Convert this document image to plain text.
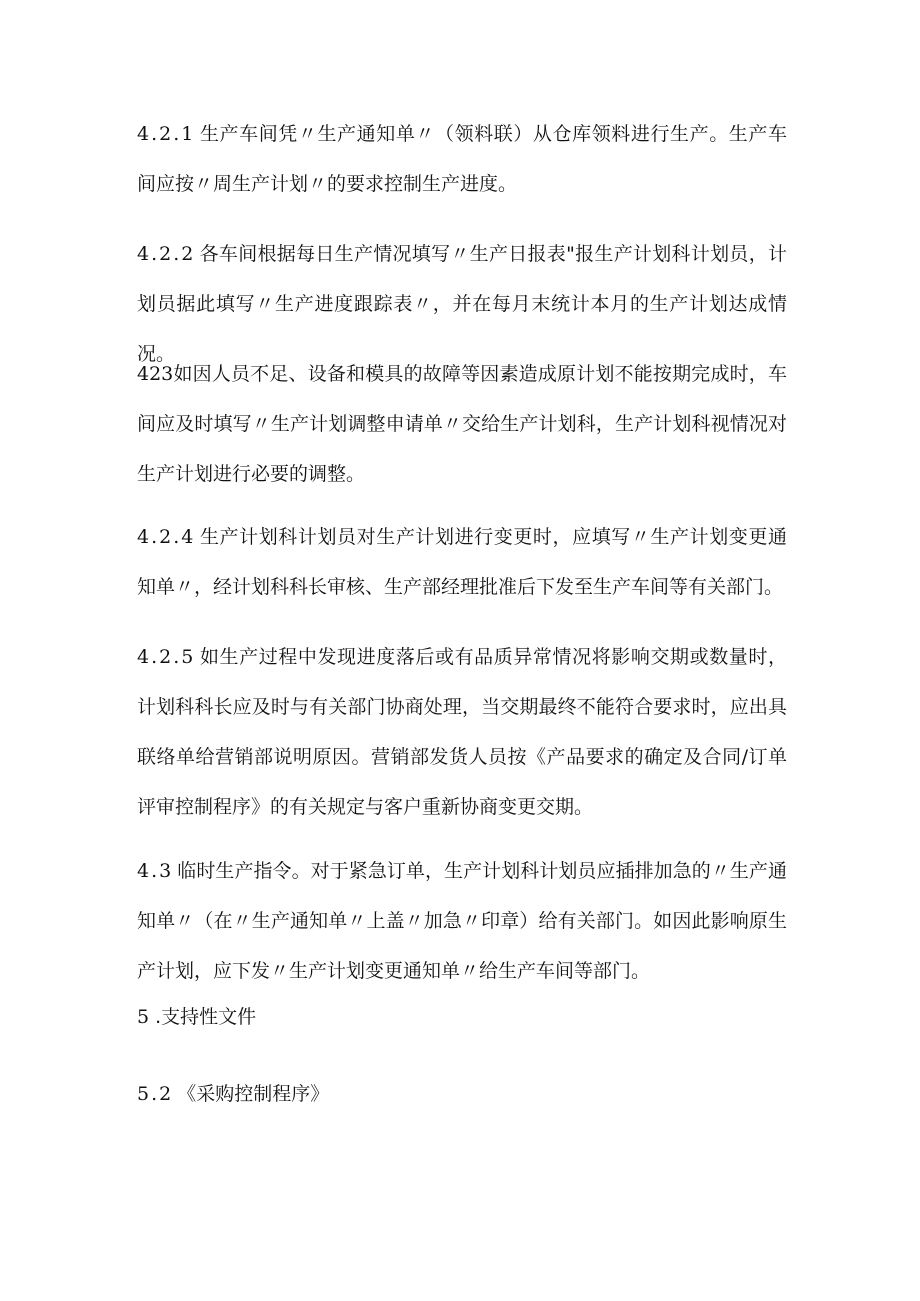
4.2.1 生产车间凭〃生产通知单〃（领料联）从仓库领料进行生产。生产车间应按〃周生产计划〃的要求控制生产进度。

4.2.2 各车间根据每日生产情况填写〃生产日报表"报生产计划科计划员，计划员据此填写〃生产进度跟踪表〃，并在每月末统计本月的生产计划达成情况。

423如因人员不足、设备和模具的故障等因素造成原计划不能按期完成时，车间应及时填写〃生产计划调整申请单〃交给生产计划科，生产计划科视情况对生产计划进行必要的调整。

4.2.4 生产计划科计划员对生产计划进行变更时，应填写〃生产计划变更通知单〃，经计划科科长审核、生产部经理批准后下发至生产车间等有关部门。

4.2.5 如生产过程中发现进度落后或有品质异常情况将影响交期或数量时，计划科科长应及时与有关部门协商处理，当交期最终不能符合要求时，应出具联络单给营销部说明原因。营销部发货人员按《产品要求的确定及合同/订单评审控制程序》的有关规定与客户重新协商变更交期。

4.3 临时生产指令。对于紧急订单，生产计划科计划员应插排加急的〃生产通知单〃（在〃生产通知单〃上盖〃加急〃印章）给有关部门。如因此影响原生产计划，应下发〃生产计划变更通知单〃给生产车间等部门。

5 .支持性文件

5.2 《采购控制程序》
